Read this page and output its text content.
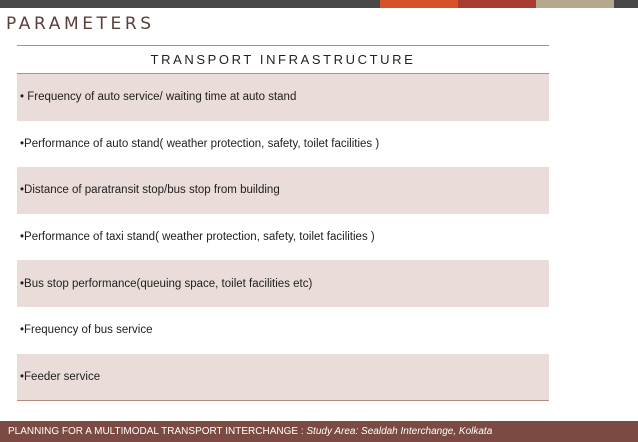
PARAMETERS
TRANSPORT INFRASTRUCTURE
• Frequency of auto service/ waiting time at auto stand
•Performance of auto stand( weather protection, safety, toilet facilities )
•Distance of paratransit stop/bus stop from building
•Performance of taxi stand( weather protection, safety, toilet facilities )
•Bus stop performance(queuing space, toilet facilities etc)
•Frequency of bus service
•Feeder service
PLANNING FOR A MULTIMODAL TRANSPORT INTERCHANGE : Study Area: Sealdah Interchange, Kolkata
